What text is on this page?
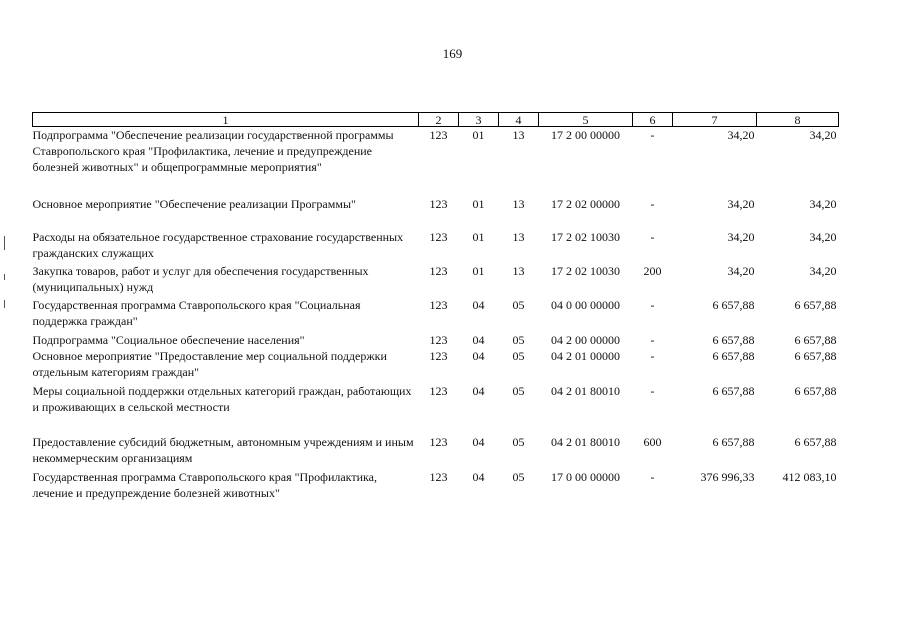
169
1	2	3	4	5	6	7	8
Подпрограмма "Обеспечение реализации государственной программы Ставропольского края "Профилактика, лечение и предупреждение болезней животных" и общепрограммные мероприятия"	123	01	13	17 2 00 00000	-	34,20	34,20
Основное мероприятие "Обеспечение реализации Программы"	123	01	13	17 2 02 00000	-	34,20	34,20
Расходы на обязательное государственное страхование государственных гражданских служащих	123	01	13	17 2 02 10030	-	34,20	34,20
Закупка товаров, работ и услуг для обеспечения государственных (муниципальных) нужд	123	01	13	17 2 02 10030	200	34,20	34,20
Государственная программа Ставропольского края "Социальная поддержка граждан"	123	04	05	04 0 00 00000	-	6 657,88	6 657,88
Подпрограмма "Социальное обеспечение населения"	123	04	05	04 2 00 00000	-	6 657,88	6 657,88
Основное мероприятие "Предоставление мер социальной поддержки отдельным категориям граждан"	123	04	05	04 2 01 00000	-	6 657,88	6 657,88
Меры социальной поддержки отдельных категорий граждан, работающих и проживающих в сельской местности	123	04	05	04 2 01 80010	-	6 657,88	6 657,88
Предоставление субсидий бюджетным, автономным учреждениям и иным некоммерческим организациям	123	04	05	04 2 01 80010	600	6 657,88	6 657,88
Государственная программа Ставропольского края "Профилактика, лечение и предупреждение болезней животных"	123	04	05	17 0 00 00000	-	376 996,33	412 083,10
